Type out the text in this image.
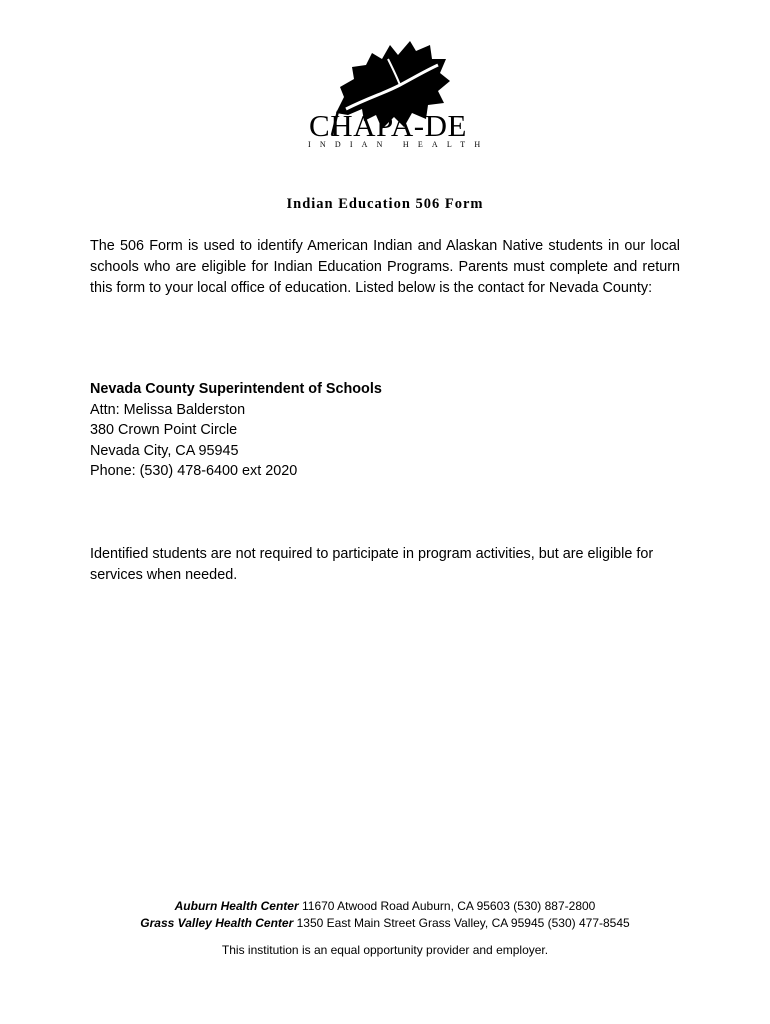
CHAPA-DE
INDIAN HEALTH
Indian Education 506 Form

The 506 Form is used to identify American Indian and Alaskan Native students in our local schools who are eligible for Indian Education Programs. Parents must complete and return this form to your local office of education. Listed below is the contact for Nevada County:

Nevada County Superintendent of Schools
Attn: Melissa Balderston
380 Crown Point Circle
Nevada City, CA 95945
Phone: (530) 478-6400 ext 2020

Identified students are not required to participate in program activities, but are eligible for services when needed.

Auburn Health Center 11670 Atwood Road Auburn, CA 95603 (530) 887-2800
Grass Valley Health Center 1350 East Main Street Grass Valley, CA 95945 (530) 477-8545
This institution is an equal opportunity provider and employer.
